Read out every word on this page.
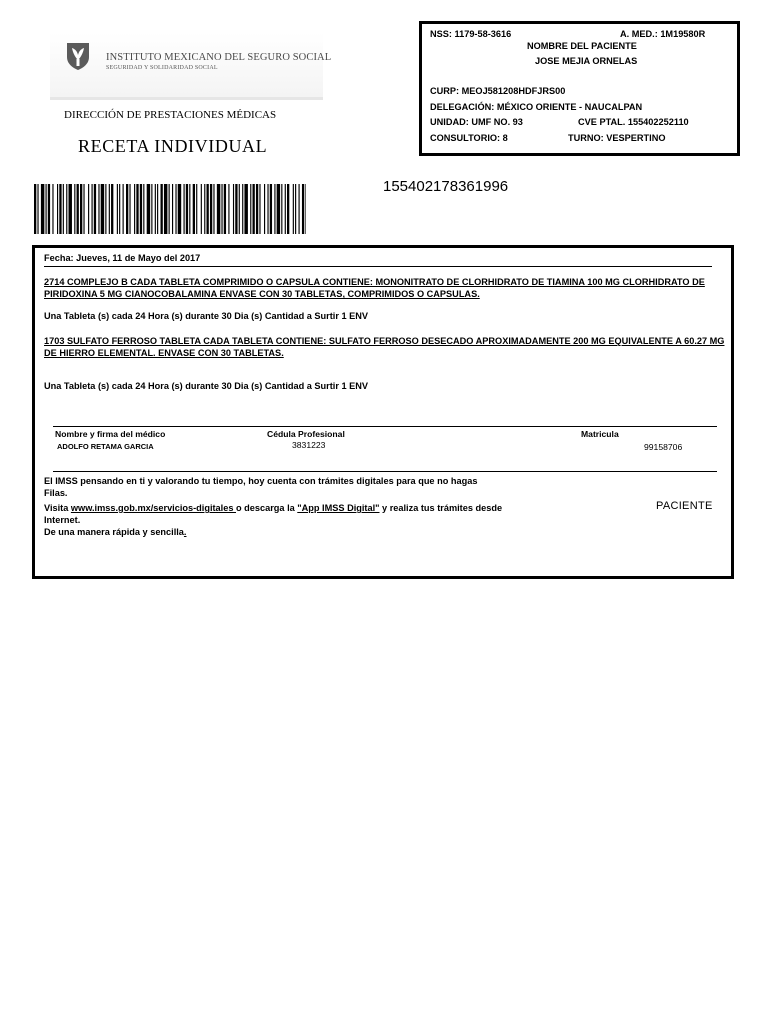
INSTITUTO MEXICANO DEL SEGURO SOCIAL
SEGURIDAD Y SOLIDARIDAD SOCIAL
DIRECCIÓN DE PRESTACIONES MÉDICAS
RECETA INDIVIDUAL
155402178361996
NSS: 1179-58-3616	A. MED.: 1M19580R
NOMBRE DEL PACIENTE
JOSE MEJIA ORNELAS
CURP: MEOJ581208HDFJRS00
DELEGACIÓN: MÉXICO ORIENTE - NAUCALPAN
UNIDAD: UMF NO. 93	CVE PTAL. 155402252110
CONSULTORIO: 8	TURNO: VESPERTINO
Fecha: Jueves, 11 de Mayo del 2017
2714 COMPLEJO B CADA TABLETA COMPRIMIDO O CAPSULA CONTIENE: MONONITRATO DE CLORHIDRATO DE TIAMINA 100 MG CLORHIDRATO DE
PIRIDOXINA 5 MG CIANOCOBALAMINA ENVASE CON 30 TABLETAS, COMPRIMIDOS O CAPSULAS.
Una Tableta (s) cada 24 Hora (s) durante 30 Dia (s) Cantidad a Surtir 1 ENV
1703 SULFATO FERROSO TABLETA CADA TABLETA CONTIENE: SULFATO FERROSO DESECADO APROXIMADAMENTE 200 MG EQUIVALENTE A 60.27 MG
DE HIERRO ELEMENTAL. ENVASE CON 30 TABLETAS.
Una Tableta (s) cada 24 Hora (s) durante 30 Dia (s) Cantidad a Surtir 1 ENV
Nombre y firma del médico	Cédula Profesional	Matricula
ADOLFO RETAMA GARCIA	3831223	99158706
El IMSS pensando en ti y valorando tu tiempo, hoy cuenta con trámites digitales para que no hagas
Filas.
Visita www.imss.gob.mx/servicios-digitales o descarga la "App IMSS Digital" y realiza tus trámites desde
Internet.
De una manera rápida y sencilla.
PACIENTE
